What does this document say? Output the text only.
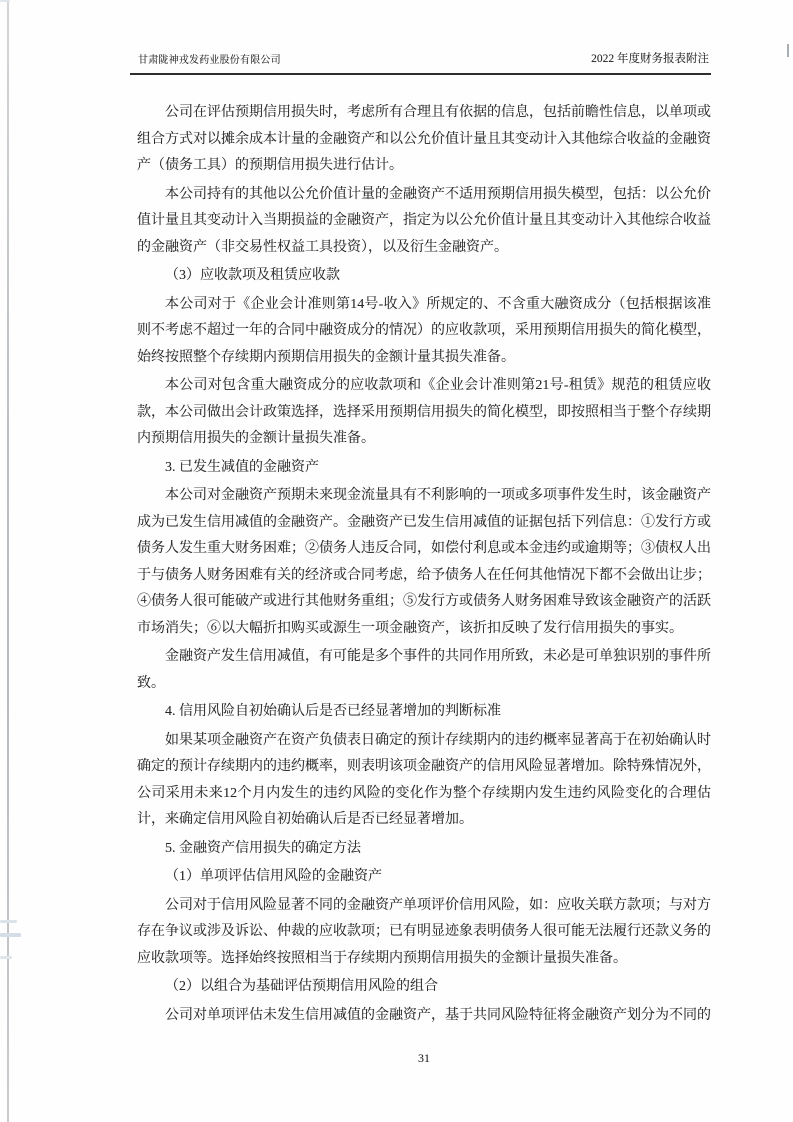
甘肃陇神戎发药业股份有限公司	2022 年度财务报表附注

公司在评估预期信用损失时，考虑所有合理且有依据的信息，包括前瞻性信息，以单项或组合方式对以摊余成本计量的金融资产和以公允价值计量且其变动计入其他综合收益的金融资产（债务工具）的预期信用损失进行估计。

本公司持有的其他以公允价值计量的金融资产不适用预期信用损失模型，包括：以公允价值计量且其变动计入当期损益的金融资产，指定为以公允价值计量且其变动计入其他综合收益的金融资产（非交易性权益工具投资），以及衍生金融资产。

（3）应收款项及租赁应收款

本公司对于《企业会计准则第14号-收入》所规定的、不含重大融资成分（包括根据该准则不考虑不超过一年的合同中融资成分的情况）的应收款项，采用预期信用损失的简化模型，始终按照整个存续期内预期信用损失的金额计量其损失准备。

本公司对包含重大融资成分的应收款项和《企业会计准则第21号-租赁》规范的租赁应收款，本公司做出会计政策选择，选择采用预期信用损失的简化模型，即按照相当于整个存续期内预期信用损失的金额计量损失准备。

3. 已发生减值的金融资产

本公司对金融资产预期未来现金流量具有不利影响的一项或多项事件发生时，该金融资产成为已发生信用减值的金融资产。金融资产已发生信用减值的证据包括下列信息：①发行方或债务人发生重大财务困难；②债务人违反合同，如偿付利息或本金违约或逾期等；③债权人出于与债务人财务困难有关的经济或合同考虑，给予债务人在任何其他情况下都不会做出让步；④债务人很可能破产或进行其他财务重组；⑤发行方或债务人财务困难导致该金融资产的活跃市场消失；⑥以大幅折扣购买或源生一项金融资产，该折扣反映了发行信用损失的事实。

金融资产发生信用减值，有可能是多个事件的共同作用所致，未必是可单独识别的事件所致。

4. 信用风险自初始确认后是否已经显著增加的判断标准

如果某项金融资产在资产负债表日确定的预计存续期内的违约概率显著高于在初始确认时确定的预计存续期内的违约概率，则表明该项金融资产的信用风险显著增加。除特殊情况外，公司采用未来12个月内发生的违约风险的变化作为整个存续期内发生违约风险变化的合理估计，来确定信用风险自初始确认后是否已经显著增加。

5. 金融资产信用损失的确定方法

（1）单项评估信用风险的金融资产

公司对于信用风险显著不同的金融资产单项评价信用风险，如：应收关联方款项；与对方存在争议或涉及诉讼、仲裁的应收款项；已有明显迹象表明债务人很可能无法履行还款义务的应收款项等。选择始终按照相当于存续期内预期信用损失的金额计量损失准备。

（2）以组合为基础评估预期信用风险的组合

公司对单项评估未发生信用减值的金融资产，基于共同风险特征将金融资产划分为不同的

31
